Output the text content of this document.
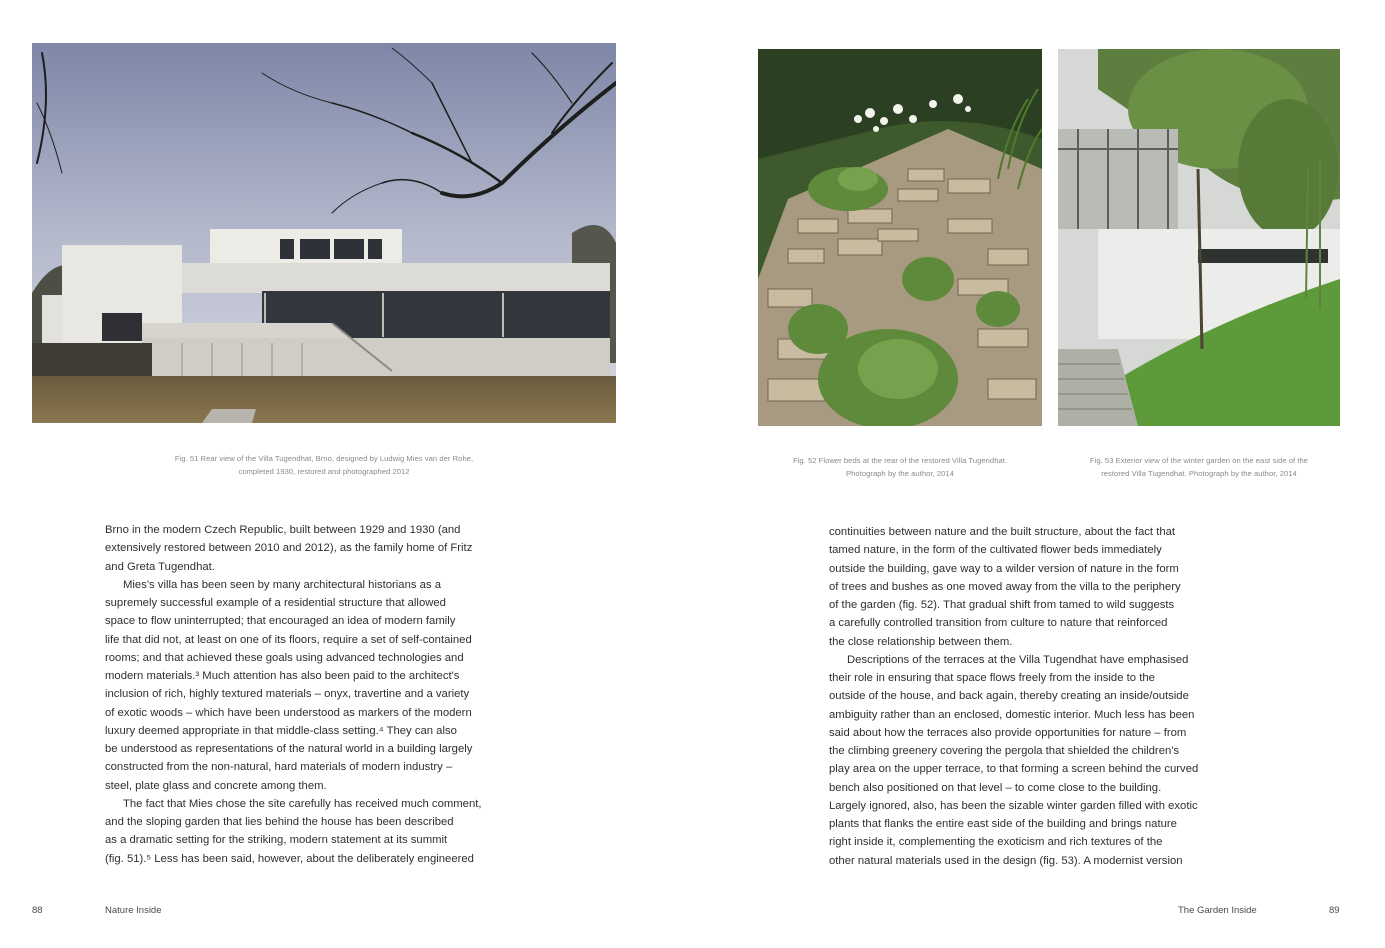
Fig. 51 Rear view of the Villa Tugendhat, Brno, designed by Ludwig Mies van der Rohe,
completed 1930, restored and photographed 2012
Brno in the modern Czech Republic, built between 1929 and 1930 (and
extensively restored between 2010 and 2012), as the family home of Fritz
and Greta Tugendhat.
Mies's villa has been seen by many architectural historians as a
supremely successful example of a residential structure that allowed
space to flow uninterrupted; that encouraged an idea of modern family
life that did not, at least on one of its floors, require a set of self-contained
rooms; and that achieved these goals using advanced technologies and
modern materials.³ Much attention has also been paid to the architect's
inclusion of rich, highly textured materials – onyx, travertine and a variety
of exotic woods – which have been understood as markers of the modern
luxury deemed appropriate in that middle-class setting.⁴ They can also
be understood as representations of the natural world in a building largely
constructed from the non-natural, hard materials of modern industry –
steel, plate glass and concrete among them.
The fact that Mies chose the site carefully has received much comment,
and the sloping garden that lies behind the house has been described
as a dramatic setting for the striking, modern statement at its summit
(fig. 51).⁵ Less has been said, however, about the deliberately engineered
88	Nature Inside
Fig. 52 Flower beds at the rear of the restored Villa Tugendhat.
Photograph by the author, 2014
Fig. 53 Exterior view of the winter garden on the east side of the
restored Villa Tugendhat. Photograph by the author, 2014
continuities between nature and the built structure, about the fact that
tamed nature, in the form of the cultivated flower beds immediately
outside the building, gave way to a wilder version of nature in the form
of trees and bushes as one moved away from the villa to the periphery
of the garden (fig. 52). That gradual shift from tamed to wild suggests
a carefully controlled transition from culture to nature that reinforced
the close relationship between them.
Descriptions of the terraces at the Villa Tugendhat have emphasised
their role in ensuring that space flows freely from the inside to the
outside of the house, and back again, thereby creating an inside/outside
ambiguity rather than an enclosed, domestic interior. Much less has been
said about how the terraces also provide opportunities for nature – from
the climbing greenery covering the pergola that shielded the children's
play area on the upper terrace, to that forming a screen behind the curved
bench also positioned on that level – to come close to the building.
Largely ignored, also, has been the sizable winter garden filled with exotic
plants that flanks the entire east side of the building and brings nature
right inside it, complementing the exoticism and rich textures of the
other natural materials used in the design (fig. 53). A modernist version
The Garden Inside	89
